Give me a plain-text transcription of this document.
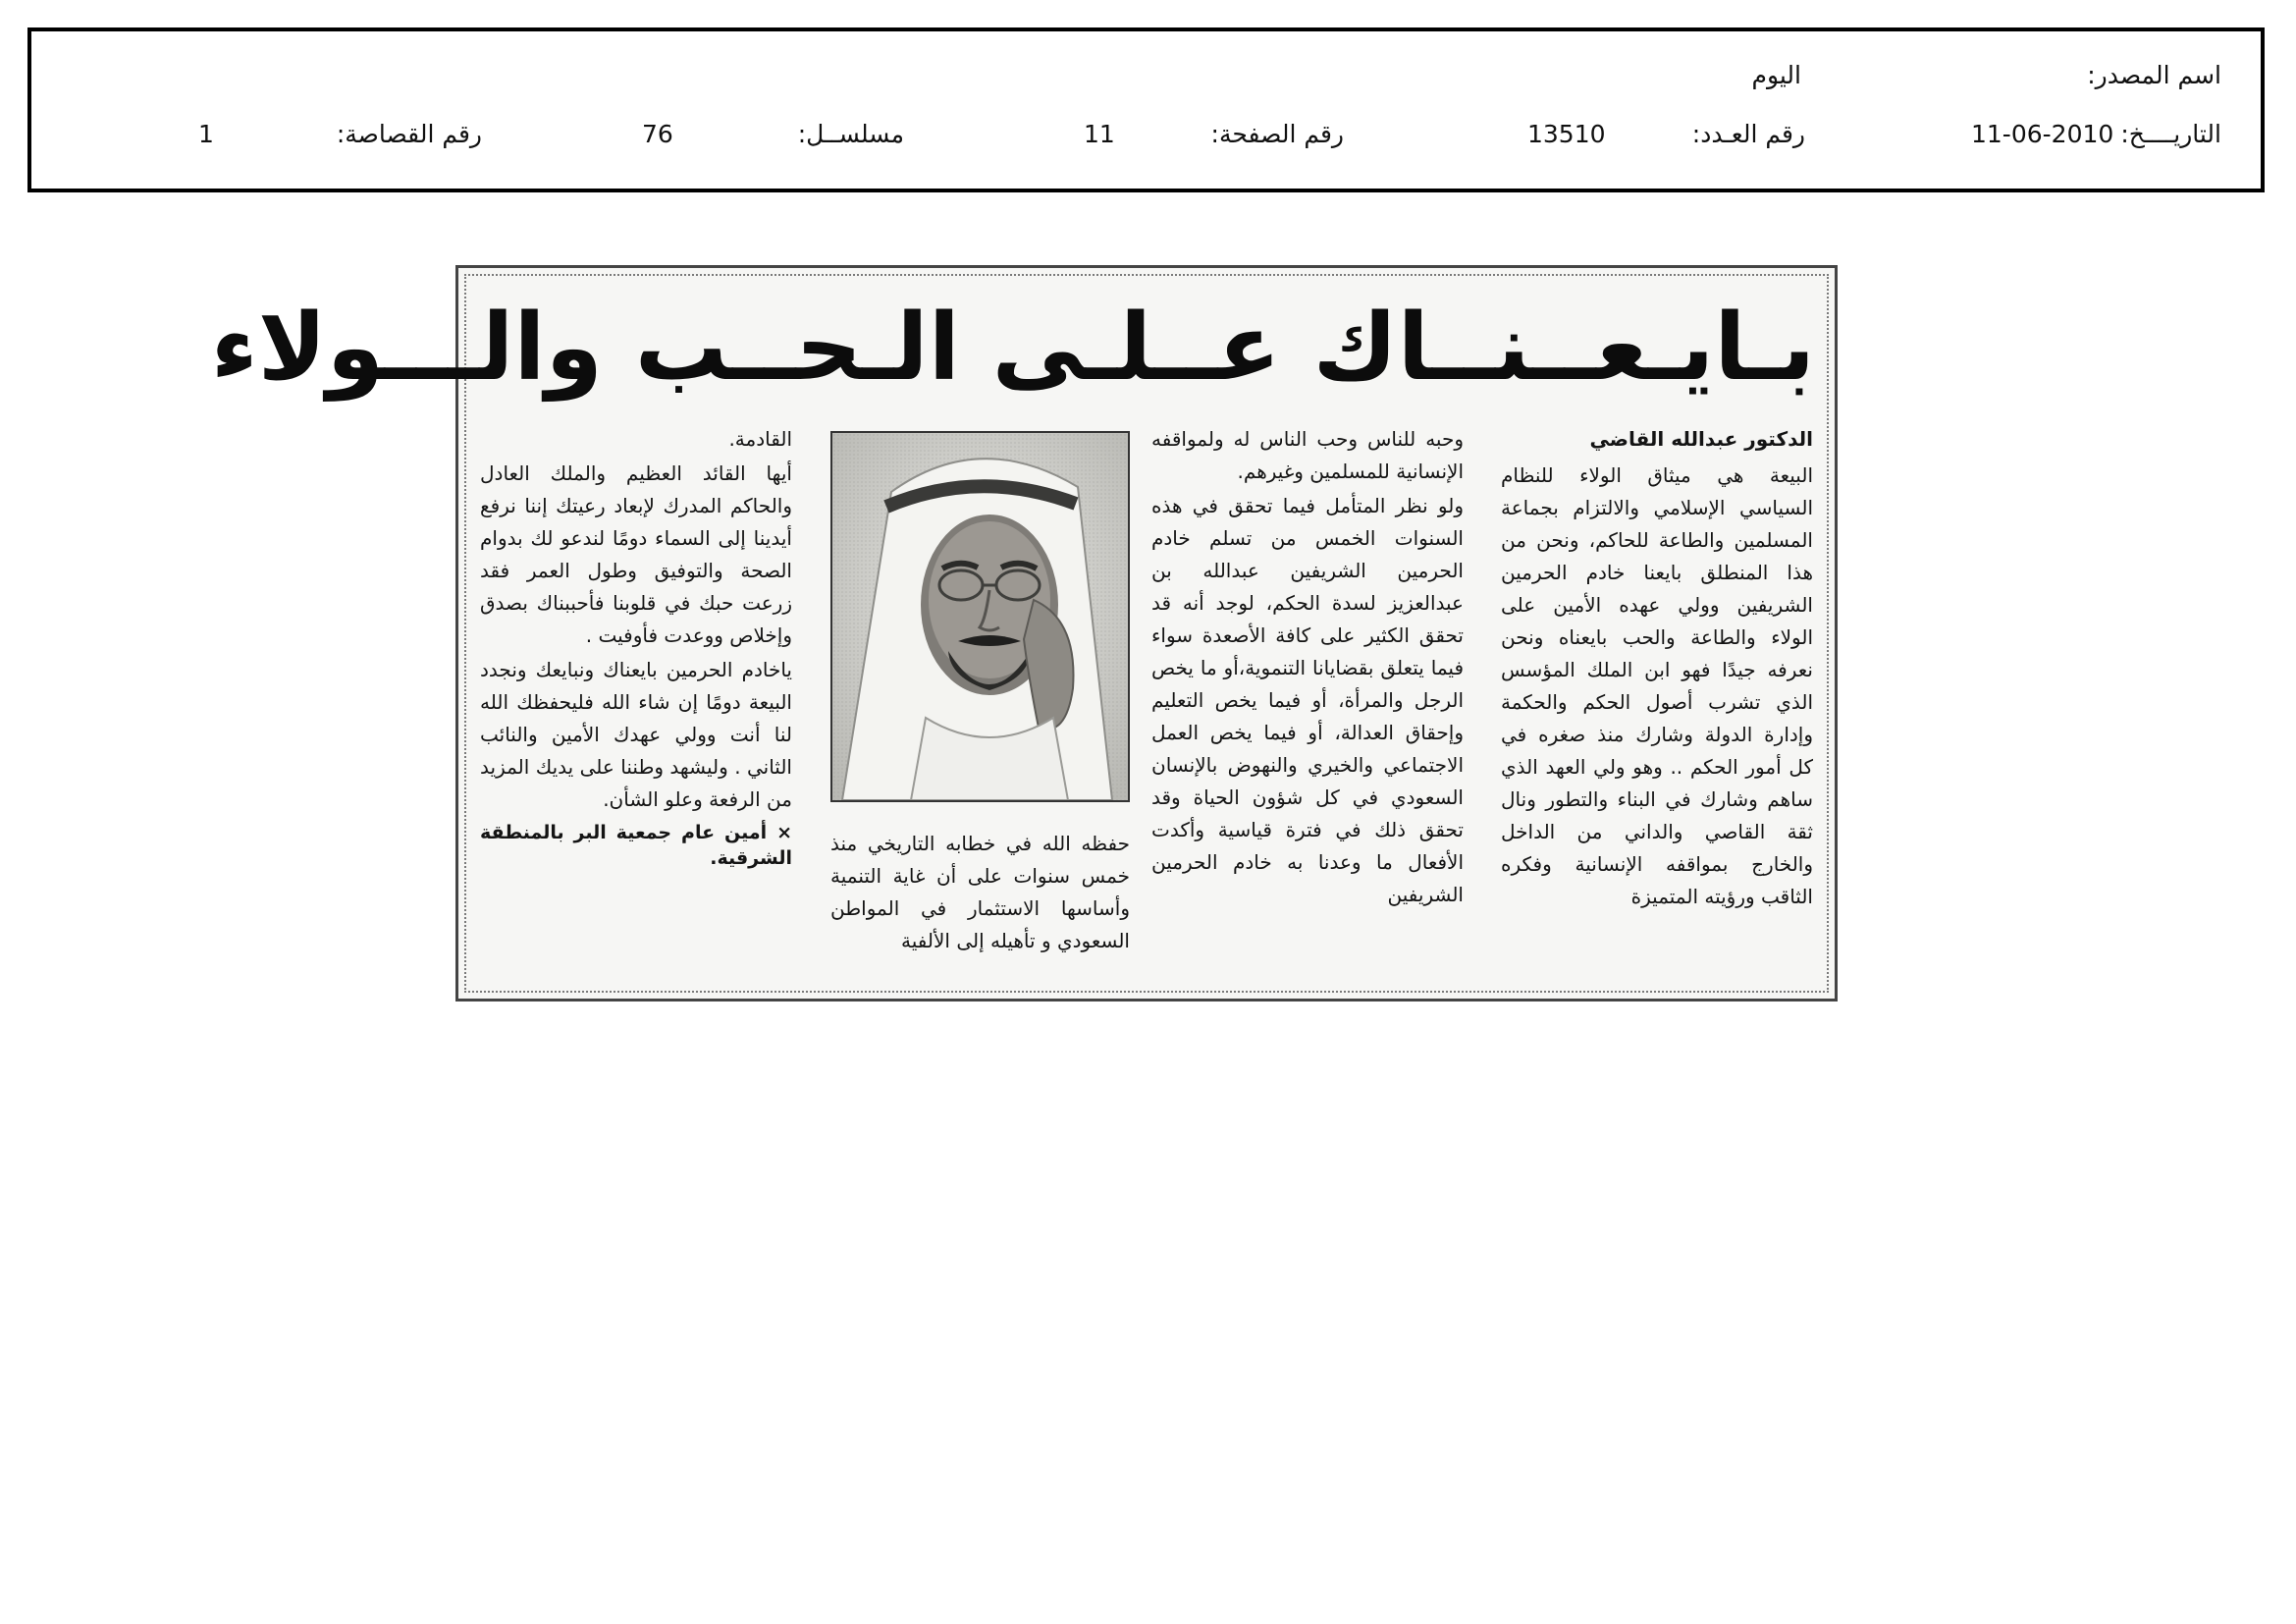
اسم المصدر:
اليوم
التاريــــخ:
11-06-2010
رقم العـدد:
13510
رقم الصفحة:
11
مسلســل:
76
رقم القصاصة:
1
بـايـعــنــاك عــلـى الـحــب والـــولاء

الدكتور عبدالله القاضي

البيعة هي ميثاق الولاء للنظام السياسي الإسلامي والالتزام بجماعة المسلمين والطاعة للحاكم، ونحن من هذا المنطلق بايعنا خادم الحرمين الشريفين وولي عهده الأمين على الولاء والطاعة والحب بايعناه ونحن نعرفه جيدًا فهو ابن الملك المؤسس الذي تشرب أصول الحكم والحكمة وإدارة الدولة وشارك منذ صغره في كل أمور الحكم .. وهو ولي العهد الذي ساهم وشارك في البناء والتطور ونال ثقة القاصي والداني من الداخل والخارج بمواقفه الإنسانية وفكره الثاقب ورؤيته المتميزة

وحبه للناس وحب الناس له ولمواقفه الإنسانية للمسلمين وغيرهم.

ولو نظر المتأمل فيما تحقق في هذه السنوات الخمس من تسلم خادم الحرمين الشريفين عبدالله بن عبدالعزيز لسدة الحكم، لوجد أنه قد تحقق الكثير على كافة الأصعدة سواء فيما يتعلق بقضايانا التنموية،أو ما يخص الرجل والمرأة، أو فيما يخص التعليم وإحقاق العدالة، أو فيما يخص العمل الاجتماعي والخيري والنهوض بالإنسان السعودي في كل شؤون الحياة وقد تحقق ذلك في فترة قياسية وأكدت الأفعال ما وعدنا به خادم الحرمين الشريفين

حفظه الله في خطابه التاريخي منذ خمس سنوات على أن غاية التنمية وأساسها الاستثمار في المواطن السعودي و تأهيله إلى الألفية

القادمة.

أيها القائد العظيم والملك العادل والحاكم المدرك لإبعاد رعيتك إننا نرفع أيدينا إلى السماء دومًا لندعو لك بدوام الصحة والتوفيق وطول العمر فقد زرعت حبك في قلوبنا فأحببناك بصدق وإخلاص ووعدت فأوفيت .

ياخادم الحرمين بايعناك ونبايعك ونجدد البيعة دومًا إن شاء الله فليحفظك الله لنا أنت وولي عهدك الأمين والنائب الثاني . وليشهد وطننا على يديك المزيد من الرفعة وعلو الشأن.

× أمين عام جمعية البر بالمنطقة الشرقية.
